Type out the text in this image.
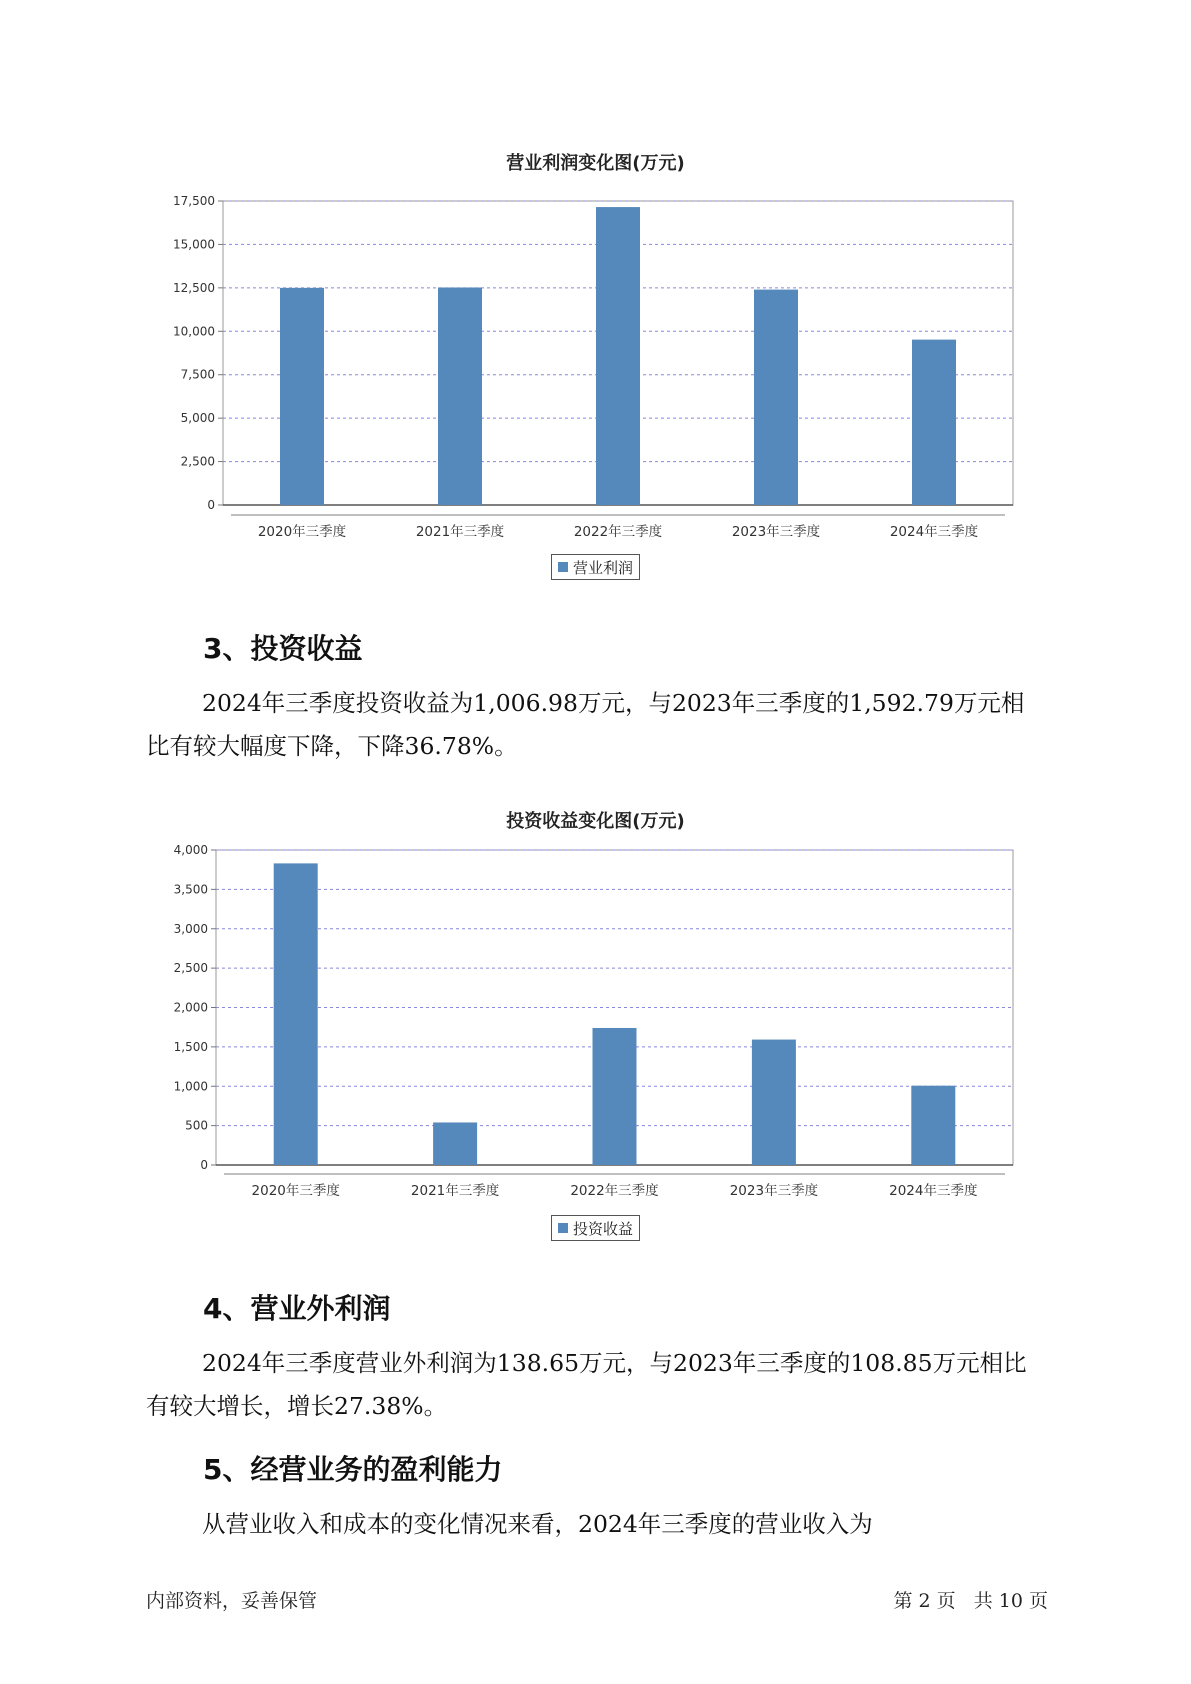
营业利润变化图(万元)
0
2,500
5,000
7,500
10,000
12,500
15,000
17,500
2020年三季度	2021年三季度	2022年三季度	2023年三季度	2024年三季度
营业利润
3、投资收益

2024年三季度投资收益为1,006.98万元，与2023年三季度的1,592.79万元相比有较大幅度下降，下降36.78%。

投资收益变化图(万元)
0
500
1,000
1,500
2,000
2,500
3,000
3,500
4,000
2020年三季度	2021年三季度	2022年三季度	2023年三季度	2024年三季度
投资收益
4、营业外利润

2024年三季度营业外利润为138.65万元，与2023年三季度的108.85万元相比有较大增长，增长27.38%。

5、经营业务的盈利能力

从营业收入和成本的变化情况来看，2024年三季度的营业收入为

内部资料，妥善保管	第 2 页   共 10 页
